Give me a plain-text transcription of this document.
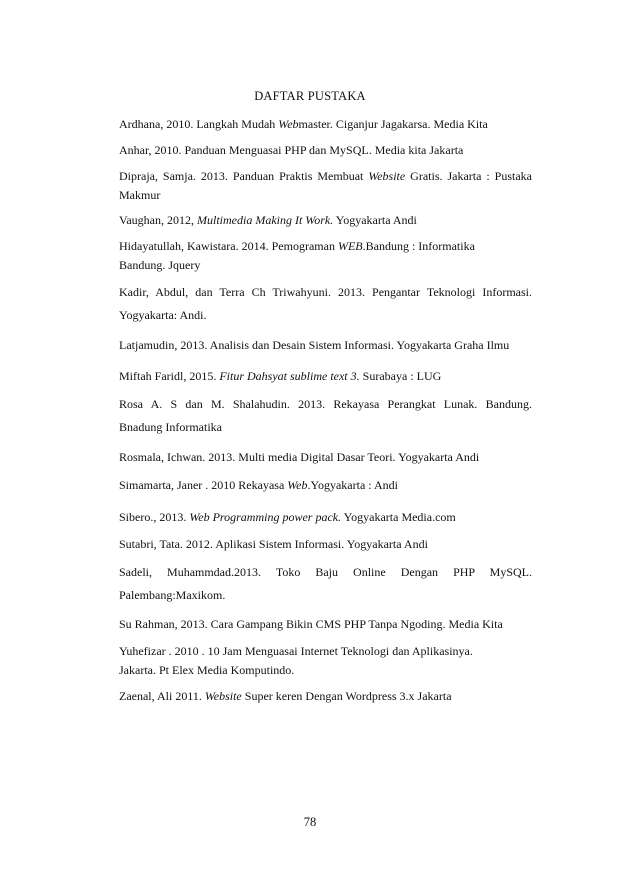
DAFTAR PUSTAKA
Ardhana, 2010. Langkah Mudah Webmaster. Ciganjur Jagakarsa. Media Kita
Anhar, 2010. Panduan Menguasai PHP dan MySQL. Media kita Jakarta
Dipraja, Samja. 2013. Panduan Praktis Membuat Website Gratis. Jakarta : Pustaka
Makmur
Vaughan, 2012, Multimedia Making It Work. Yogyakarta Andi
Hidayatullah, Kawistara. 2014. Pemograman WEB.Bandung : Informatika
Bandung. Jquery
Kadir, Abdul, dan Terra Ch Triwahyuni. 2013. Pengantar Teknologi Informasi.
Yogyakarta: Andi.
Latjamudin, 2013. Analisis dan Desain Sistem Informasi. Yogyakarta Graha Ilmu
Miftah Faridl, 2015. Fitur Dahsyat sublime text 3. Surabaya : LUG
Rosa A. S dan M. Shalahudin. 2013. Rekayasa Perangkat Lunak. Bandung.
Bnadung Informatika
Rosmala, Ichwan. 2013. Multi media Digital Dasar Teori. Yogyakarta Andi
Simamarta, Janer . 2010 Rekayasa Web.Yogyakarta : Andi
Sibero., 2013. Web Programming power pack. Yogyakarta Media.com
Sutabri, Tata. 2012. Aplikasi Sistem Informasi. Yogyakarta Andi
Sadeli, Muhammdad.2013. Toko Baju Online Dengan PHP MySQL.
Palembang:Maxikom.
Su Rahman, 2013. Cara Gampang Bikin CMS PHP Tanpa Ngoding. Media Kita
Yuhefizar . 2010 . 10 Jam Menguasai Internet Teknologi dan Aplikasinya.
Jakarta. Pt Elex Media Komputindo.
Zaenal, Ali 2011. Website Super keren Dengan Wordpress 3.x Jakarta
78
